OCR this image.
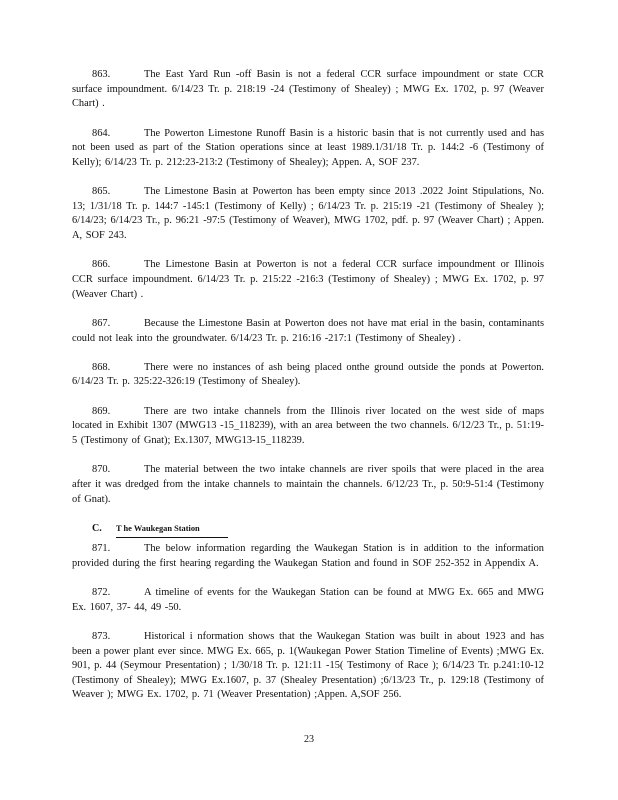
863.	The East Yard Run -off Basin is not a federal CCR surface impoundment or state CCR surface impoundment. 6/14/23 Tr. p. 218:19 -24 (Testimony of Shealey) ; MWG Ex. 1702, p. 97 (Weaver Chart) .

864.	The Powerton Limestone Runoff Basin is a historic basin that is not currently used and has not been used as part of the Station operations since at least 1989.1/31/18 Tr. p. 144:2 -6 (Testimony of Kelly); 6/14/23 Tr. p. 212:23-213:2 (Testimony of Shealey); Appen. A, SOF 237.

865.	The Limestone Basin at Powerton has been empty since 2013 .2022 Joint Stipulations, No. 13; 1/31/18 Tr. p. 144:7 -145:1 (Testimony of Kelly) ; 6/14/23 Tr. p. 215:19 -21 (Testimony of Shealey ); 6/14/23; 6/14/23 Tr., p. 96:21 -97:5 (Testimony of Weaver), MWG 1702, pdf. p. 97 (Weaver Chart) ; Appen. A, SOF 243.

866.	The Limestone Basin at Powerton is not a federal CCR surface impoundment or Illinois CCR surface impoundment. 6/14/23 Tr. p. 215:22 -216:3 (Testimony of Shealey) ; MWG Ex. 1702, p. 97 (Weaver Chart) .

867.	Because the Limestone Basin at Powerton does not have mat erial in the basin, contaminants could not leak into the groundwater. 6/14/23 Tr. p. 216:16 -217:1 (Testimony of Shealey) .

868.	There were no instances of ash being placed onthe ground outside the ponds at Powerton. 6/14/23 Tr. p. 325:22-326:19 (Testimony of Shealey).

869.	There are two intake channels from the Illinois river located on the west side of maps located in Exhibit 1307 (MWG13 -15_118239), with an area between the two channels. 6/12/23 Tr., p. 51:19-5 (Testimony of Gnat); Ex.1307, MWG13-15_118239.

870.	The material between the two intake channels are river spoils that were placed in the area after it was dredged from the intake channels to maintain the channels. 6/12/23 Tr., p. 50:9-51:4 (Testimony of Gnat).

C. T he Waukegan Station

871.	The below information regarding the Waukegan Station is in addition to the information provided during the first hearing regarding the Waukegan Station and found in SOF 252-352 in Appendix A.

872.	A timeline of events for the Waukegan Station can be found at MWG Ex. 665 and MWG Ex. 1607, 37- 44, 49 -50.

873.	Historical i nformation shows that the Waukegan Station was built in about 1923 and has been a power plant ever since. MWG Ex. 665, p. 1(Waukegan Power Station Timeline of Events) ;MWG Ex. 901, p. 44 (Seymour Presentation) ; 1/30/18 Tr. p. 121:11 -15( Testimony of Race ); 6/14/23 Tr. p.241:10-12 (Testimony of Shealey); MWG Ex.1607, p. 37 (Shealey Presentation) ;6/13/23 Tr., p. 129:18 (Testimony of Weaver ); MWG Ex. 1702, p. 71 (Weaver Presentation) ;Appen. A,SOF 256.

23
